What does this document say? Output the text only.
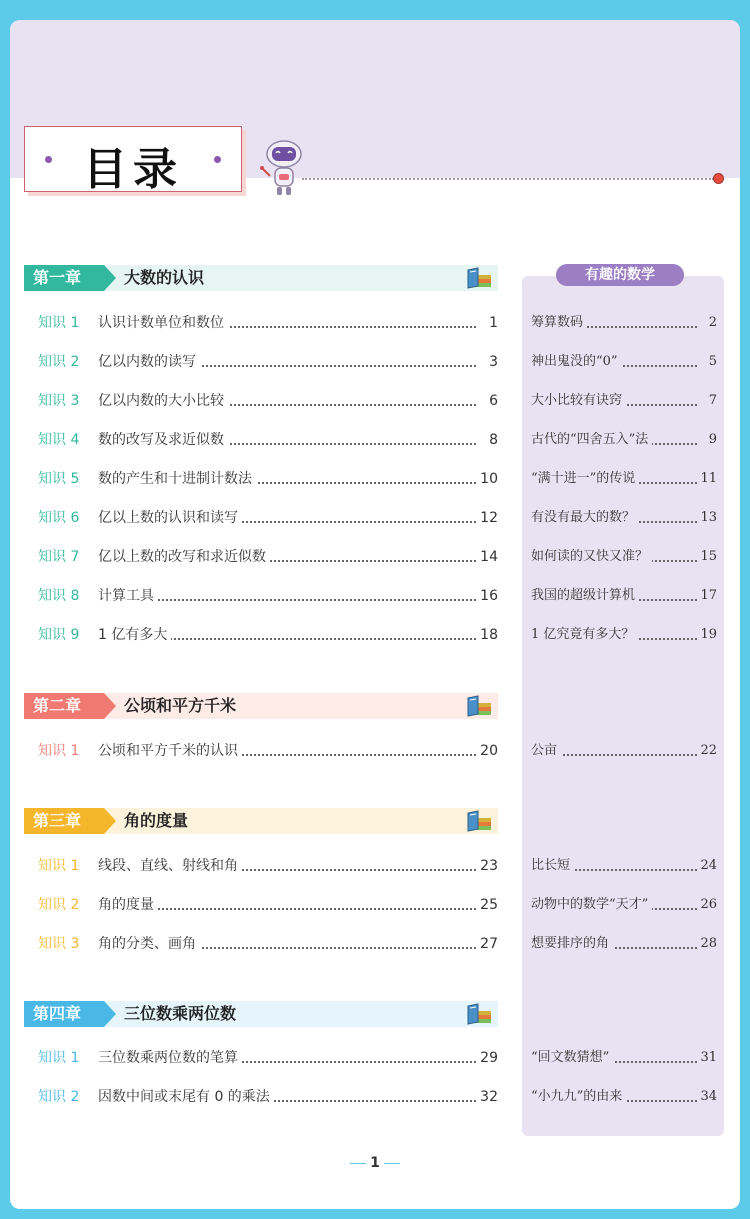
目录
第一章	大数的认识
第二章	公顷和平方千米
第三章	角的度量
第四章	三位数乘两位数
知识 1 认识计数单位和数位	1
知识 2 亿以内数的读写	3
知识 3 亿以内数的大小比较	6
知识 4 数的改写及求近似数	8
知识 5 数的产生和十进制计数法	10
知识 6 亿以上数的认识和读写	12
知识 7 亿以上数的改写和求近似数	14
知识 8 计算工具	16
知识 9 1 亿有多大	18
知识 1 公顷和平方千米的认识	20
知识 1 线段、直线、射线和角	23
知识 2 角的度量	25
知识 3 角的分类、画角	27
知识 1 三位数乘两位数的笔算	29
知识 2 因数中间或末尾有 0 的乘法	32
有趣的数学
筹算数码	2
神出鬼没的“0”	5
大小比较有诀窍	7
古代的“四舍五入”法	9
“满十进一”的传说	11
有没有最大的数？	13
如何读的又快又准？	15
我国的超级计算机	17
1 亿究竟有多大？	19
公亩	22
比长短	24
动物中的数学“天才”	26
想要排序的角	28
“回文数猜想”	31
“小九九”的由来	34
1
